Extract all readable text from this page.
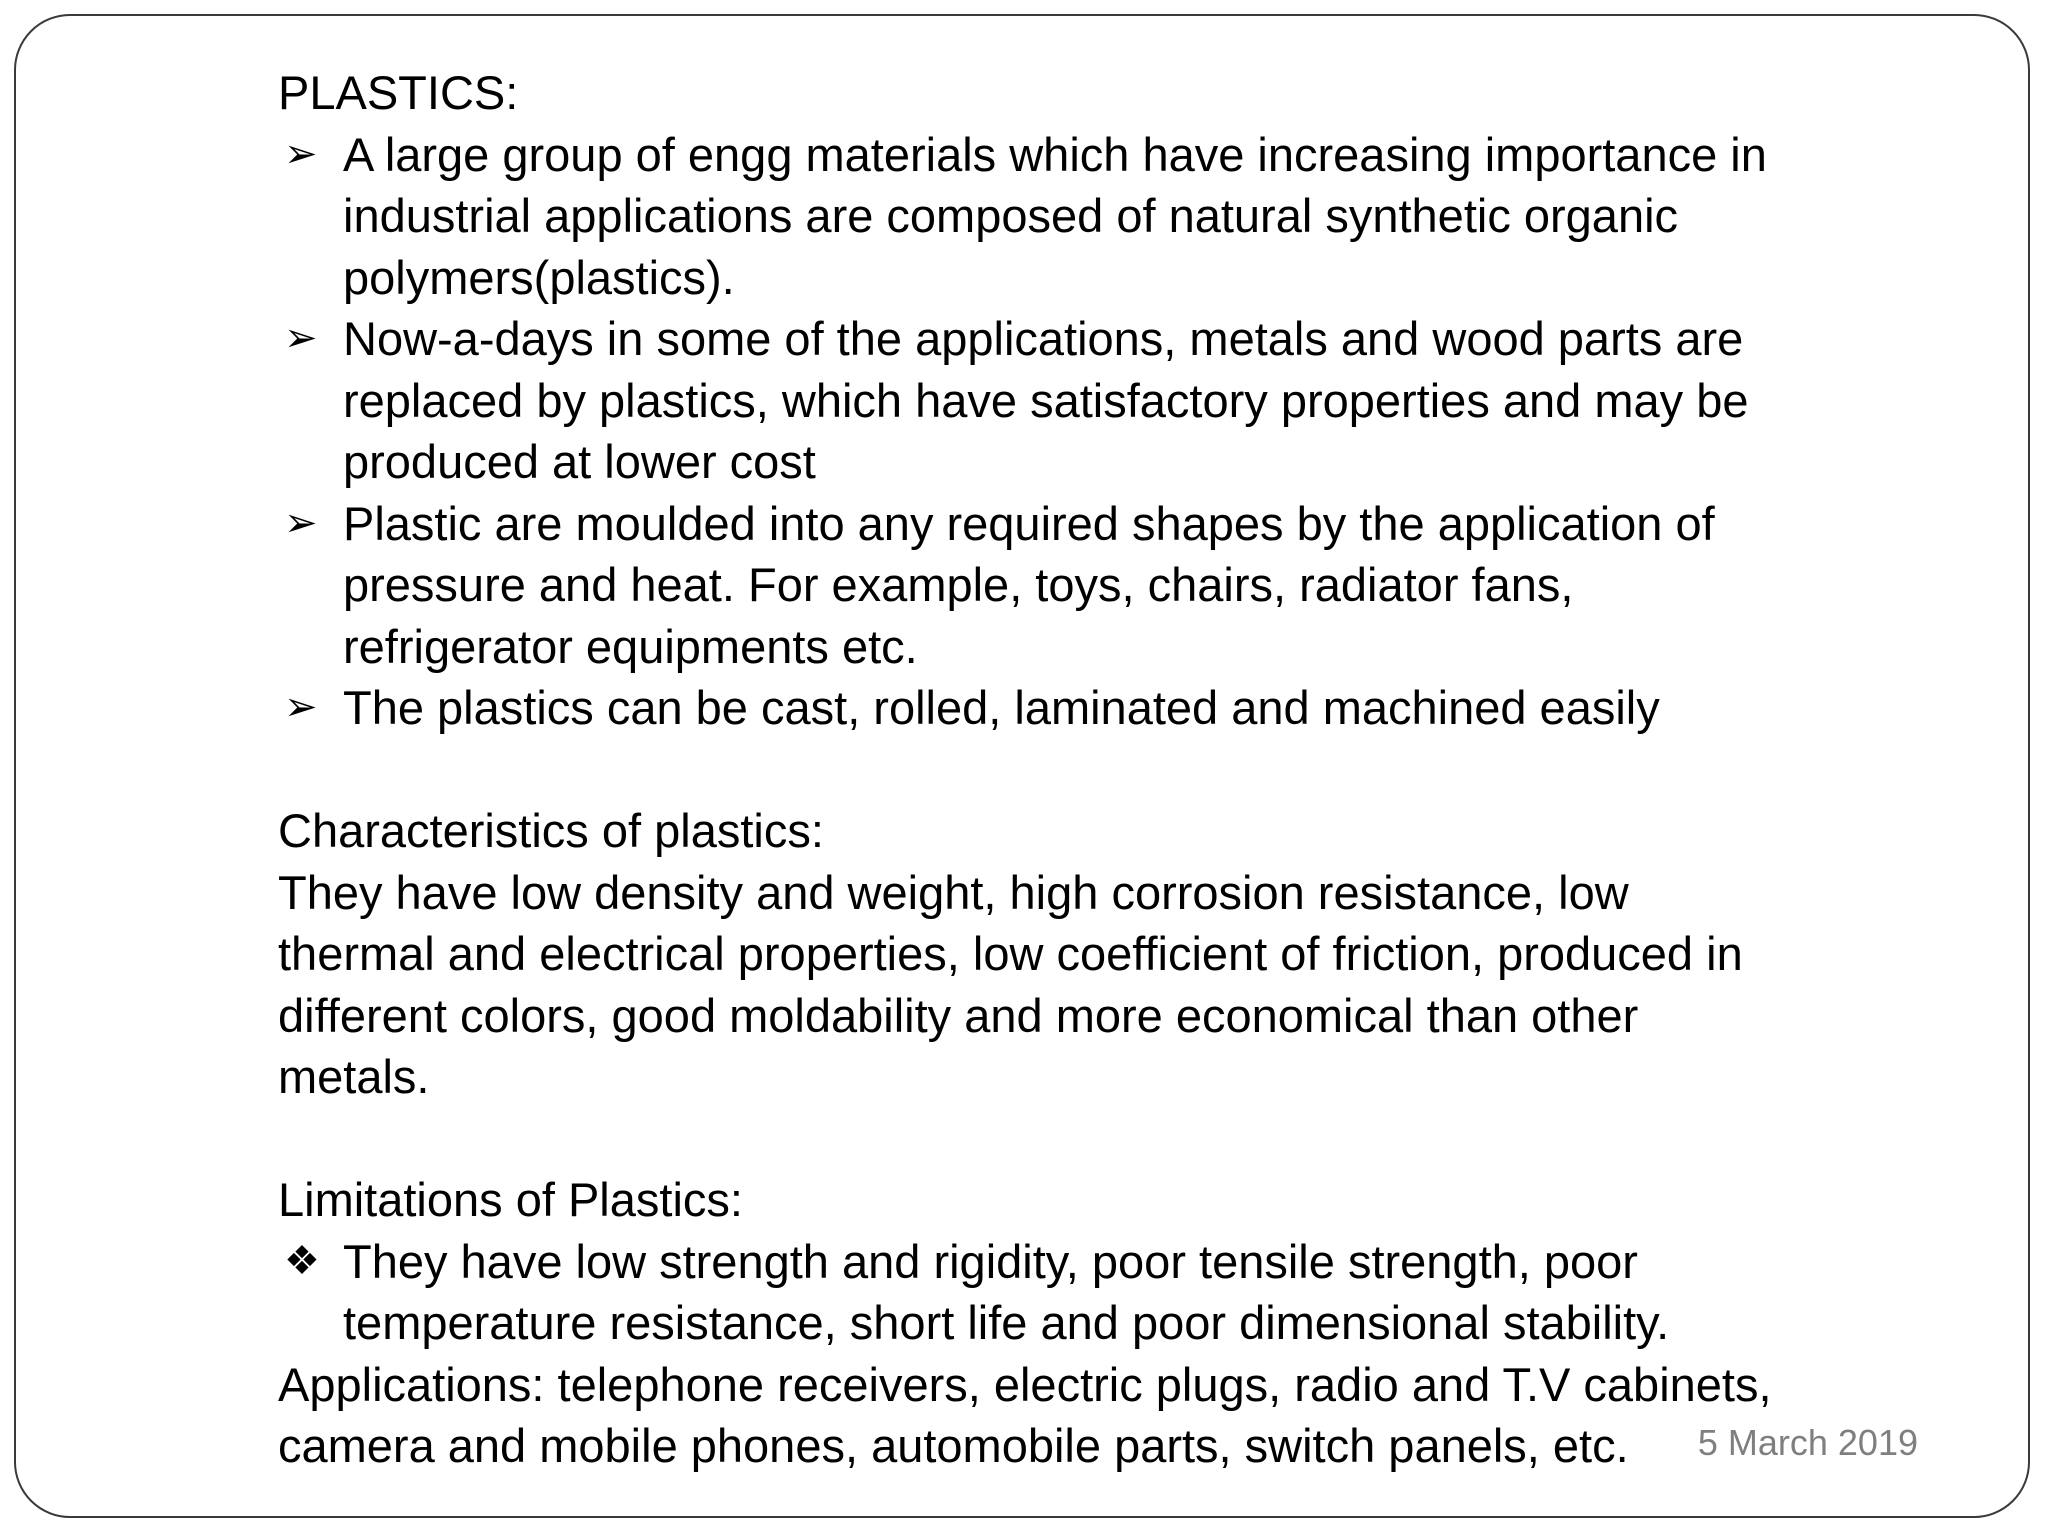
PLASTICS:

➢ A large group of engg materials which have increasing importance in
industrial applications are composed of natural synthetic organic
polymers(plastics).
➢ Now-a-days in some of the applications, metals and wood parts are
replaced by plastics, which have satisfactory properties and may be
produced at lower cost
➢ Plastic are moulded into any required shapes by the application of
pressure and heat. For example, toys, chairs, radiator fans,
refrigerator equipments etc.
➢ The plastics can be cast, rolled, laminated and machined easily

Characteristics of plastics:

They have low density and weight, high corrosion resistance, low

thermal and electrical properties, low coefficient of friction, produced in

different colors, good moldability and more economical than other

metals.

Limitations of Plastics:

❖ They have low strength and rigidity, poor tensile strength, poor
temperature resistance, short life and poor dimensional stability.

Applications: telephone receivers, electric plugs, radio and T.V cabinets,

camera and mobile phones, automobile parts, switch panels, etc.	5 March 2019
